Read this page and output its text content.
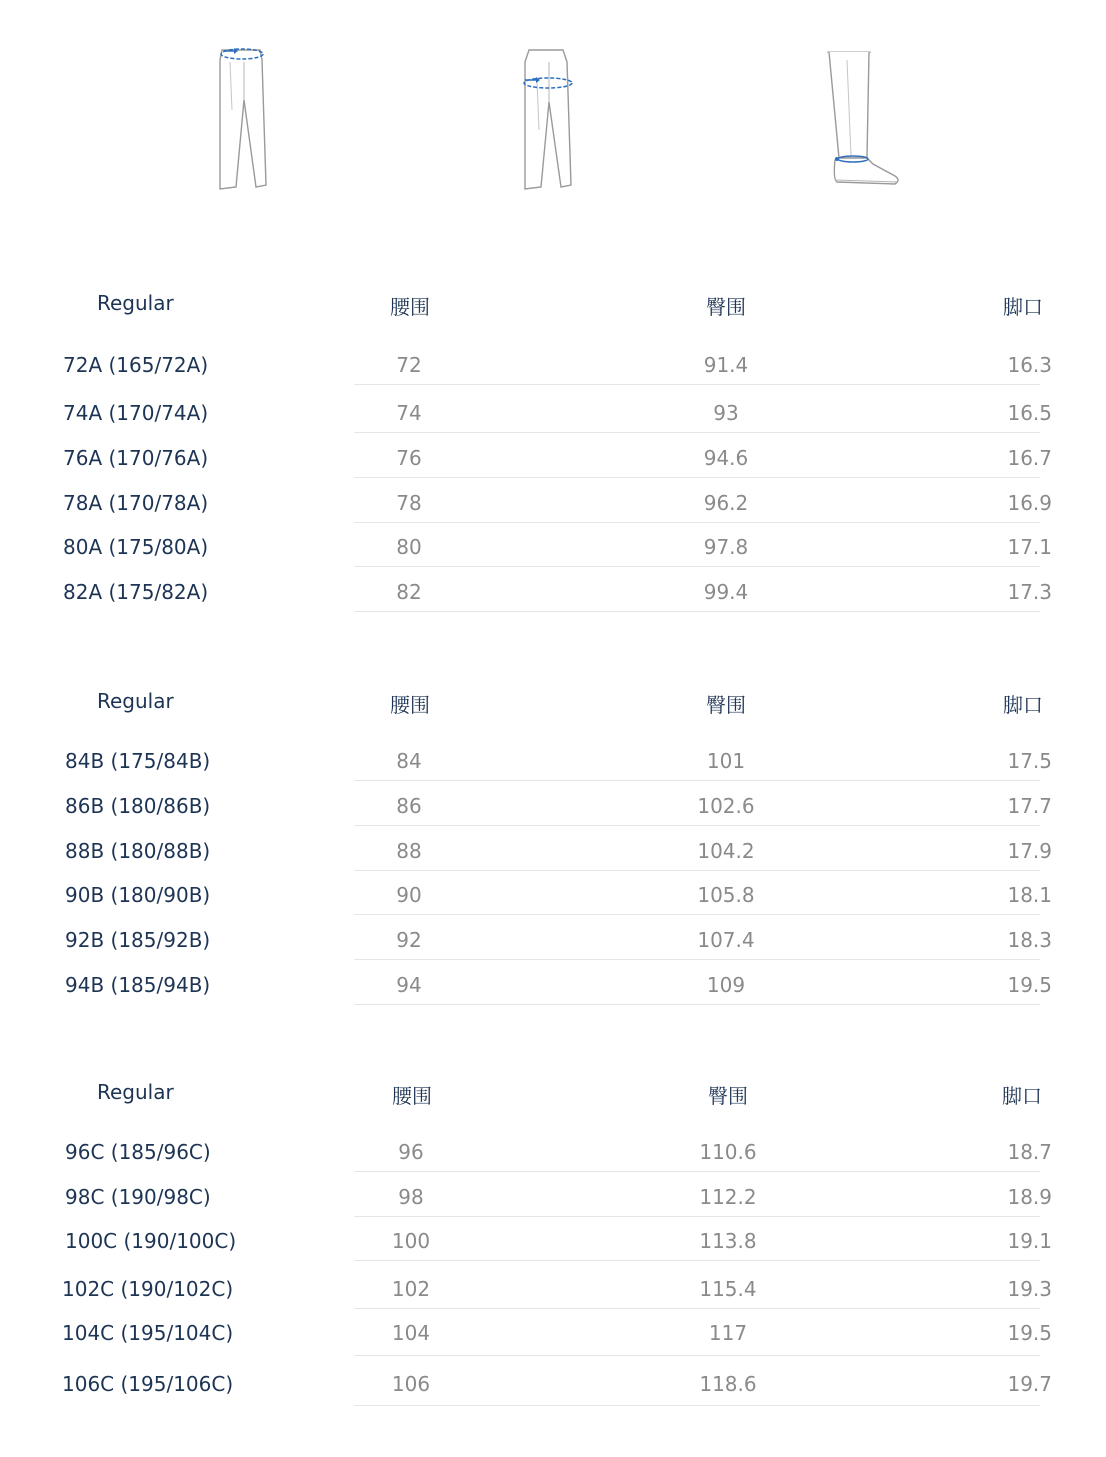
Regular	腰围	臀围	脚口
72A (165/72A)	72	91.4	16.3
74A (170/74A)	74	93	16.5
76A (170/76A)	76	94.6	16.7
78A (170/78A)	78	96.2	16.9
80A (175/80A)	80	97.8	17.1
82A (175/82A)	82	99.4	17.3
Regular	腰围	臀围	脚口
84B (175/84B)	84	101	17.5
86B (180/86B)	86	102.6	17.7
88B (180/88B)	88	104.2	17.9
90B (180/90B)	90	105.8	18.1
92B (185/92B)	92	107.4	18.3
94B (185/94B)	94	109	19.5
Regular	腰围	臀围	脚口
96C (185/96C)	96	110.6	18.7
98C (190/98C)	98	112.2	18.9
100C (190/100C)	100	113.8	19.1
102C (190/102C)	102	115.4	19.3
104C (195/104C)	104	117	19.5
106C (195/106C)	106	118.6	19.7
